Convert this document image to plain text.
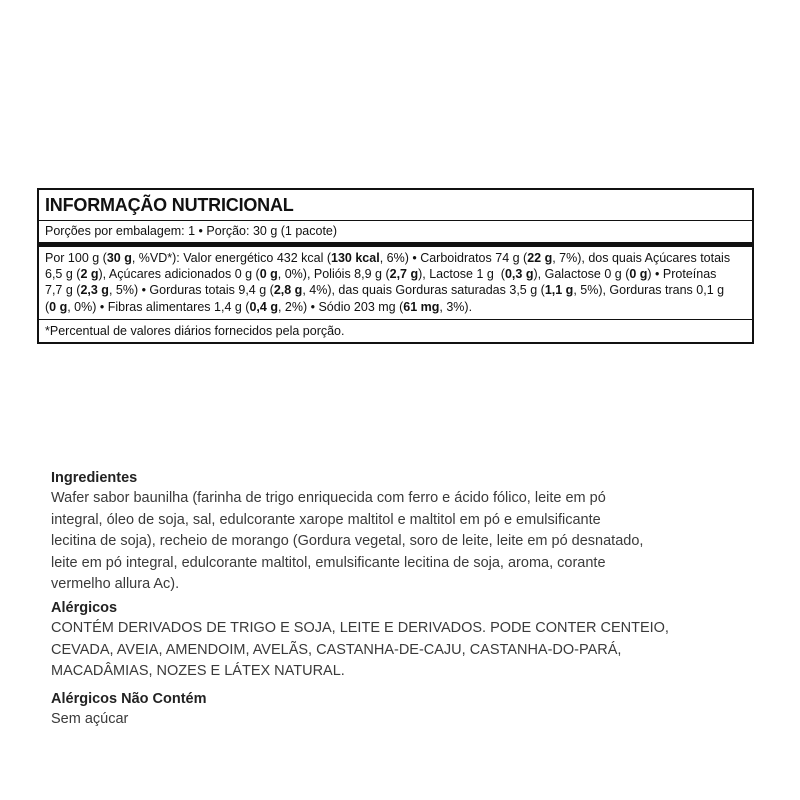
INFORMAÇÃO NUTRICIONAL
Porções por embalagem: 1 • Porção: 30 g (1 pacote)
Por 100 g (30 g, %VD*): Valor energético 432 kcal (130 kcal, 6%) • Carboidratos 74 g (22 g, 7%), dos quais Açúcares totais
6,5 g (2 g), Açúcares adicionados 0 g (0 g, 0%), Polióis 8,9 g (2,7 g), Lactose 1 g  (0,3 g), Galactose 0 g (0 g) • Proteínas
7,7 g (2,3 g, 5%) • Gorduras totais 9,4 g (2,8 g, 4%), das quais Gorduras saturadas 3,5 g (1,1 g, 5%), Gorduras trans 0,1 g
(0 g, 0%) • Fibras alimentares 1,4 g (0,4 g, 2%) • Sódio 203 mg (61 mg, 3%).
*Percentual de valores diários fornecidos pela porção.
Ingredientes
Wafer sabor baunilha (farinha de trigo enriquecida com ferro e ácido fólico, leite em pó
integral, óleo de soja, sal, edulcorante xarope maltitol e maltitol em pó e emulsificante
lecitina de soja), recheio de morango (Gordura vegetal, soro de leite, leite em pó desnatado,
leite em pó integral, edulcorante maltitol, emulsificante lecitina de soja, aroma, corante
vermelho allura Ac).
Alérgicos
CONTÉM DERIVADOS DE TRIGO E SOJA, LEITE E DERIVADOS. PODE CONTER CENTEIO,
CEVADA, AVEIA, AMENDOIM, AVELÃS, CASTANHA-DE-CAJU, CASTANHA-DO-PARÁ,
MACADÂMIAS, NOZES E LÁTEX NATURAL.
Alérgicos Não Contém
Sem açúcar
